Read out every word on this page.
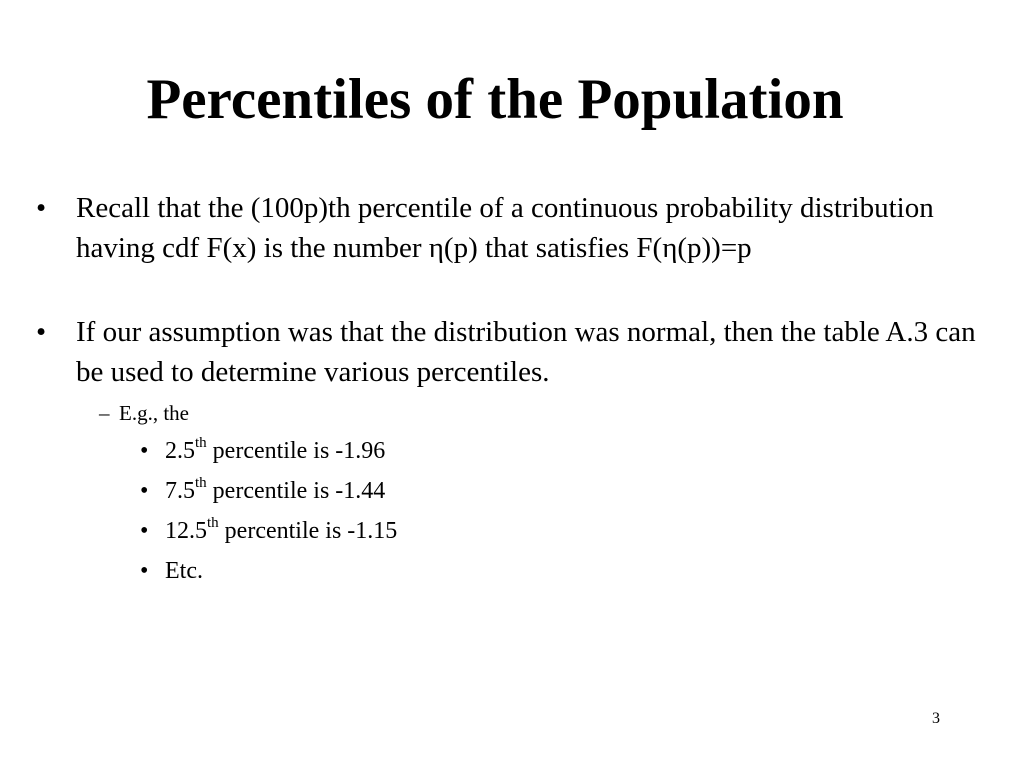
Percentiles of the Population
• Recall that the (100p)th percentile of a continuous probability distribution having cdf F(x) is the number η(p) that satisfies F(η(p))=p
• If our assumption was that the distribution was normal, then the table A.3 can be used to determine various percentiles.
– E.g., the
• 2.5th percentile is -1.96
• 7.5th percentile is -1.44
• 12.5th percentile is -1.15
• Etc.
3
